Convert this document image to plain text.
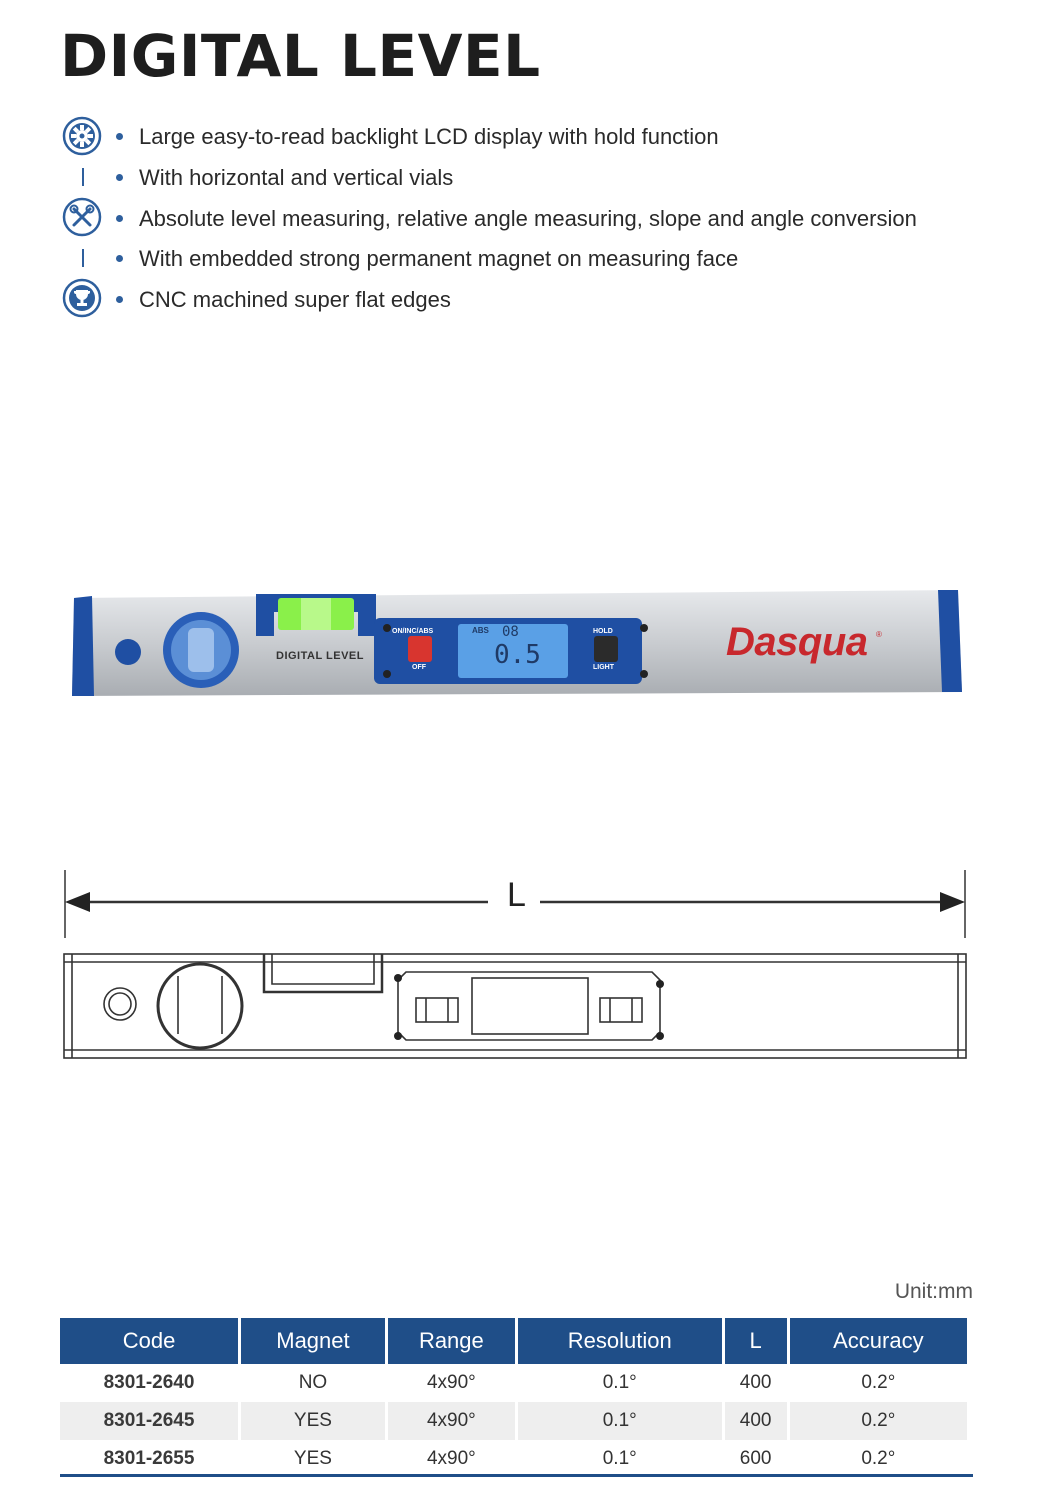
DIGITAL LEVEL
Large easy-to-read backlight LCD display with hold function
With horizontal and vertical vials
Absolute level measuring, relative angle measuring, slope and angle conversion
With embedded strong permanent magnet on measuring face
CNC machined super flat edges
DIGITAL LEVEL
ON/INC/ABS
OFF
HOLD
LIGHT
ABS 08
0.5	Dasqua ®
L
Unit:mm
Code	Magnet	Range	Resolution	L	Accuracy
8301-2640	NO	4x90°	0.1°	400	0.2°
8301-2645	YES	4x90°	0.1°	400	0.2°
8301-2655	YES	4x90°	0.1°	600	0.2°
